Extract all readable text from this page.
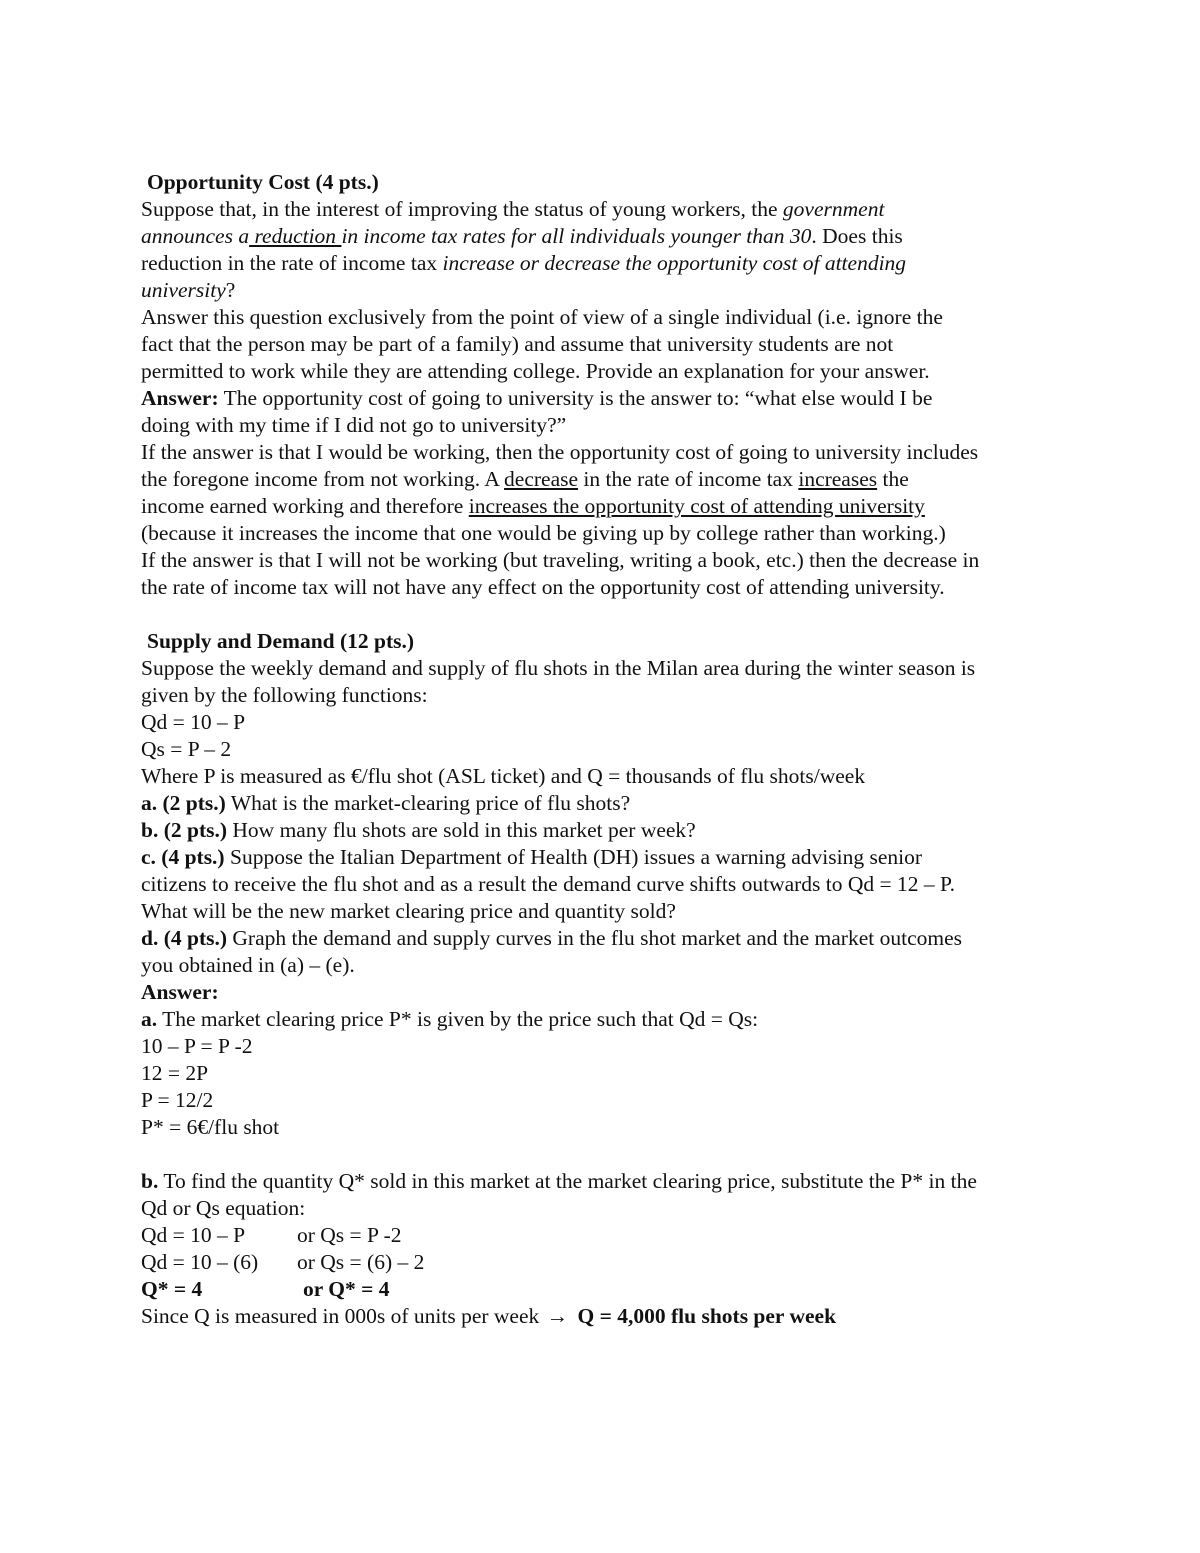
Opportunity Cost (4 pts.)
Suppose that, in the interest of improving the status of young workers, the government
announces a reduction in income tax rates for all individuals younger than 30. Does this
reduction in the rate of income tax increase or decrease the opportunity cost of attending
university?
Answer this question exclusively from the point of view of a single individual (i.e. ignore the
fact that the person may be part of a family) and assume that university students are not
permitted to work while they are attending college. Provide an explanation for your answer.
Answer: The opportunity cost of going to university is the answer to: “what else would I be
doing with my time if I did not go to university?”
If the answer is that I would be working, then the opportunity cost of going to university includes
the foregone income from not working. A decrease in the rate of income tax increases the
income earned working and therefore increases the opportunity cost of attending university
(because it increases the income that one would be giving up by college rather than working.)
If the answer is that I will not be working (but traveling, writing a book, etc.) then the decrease in
the rate of income tax will not have any effect on the opportunity cost of attending university.
Supply and Demand (12 pts.)
Suppose the weekly demand and supply of flu shots in the Milan area during the winter season is
given by the following functions:
Qd = 10 – P
Qs = P – 2
Where P is measured as €/flu shot (ASL ticket) and Q = thousands of flu shots/week
a. (2 pts.) What is the market-clearing price of flu shots?
b. (2 pts.) How many flu shots are sold in this market per week?
c. (4 pts.) Suppose the Italian Department of Health (DH) issues a warning advising senior
citizens to receive the flu shot and as a result the demand curve shifts outwards to Qd = 12 – P.
What will be the new market clearing price and quantity sold?
d. (4 pts.) Graph the demand and supply curves in the flu shot market and the market outcomes
you obtained in (a) – (e).
Answer:
a. The market clearing price P* is given by the price such that Qd = Qs:
10 – P = P -2
12 = 2P
P = 12/2
P* = 6€/flu shot
b. To find the quantity Q* sold in this market at the market clearing price, substitute the P* in the
Qd or Qs equation:
Qd = 10 – P or Qs = P -2
Qd = 10 – (6) or Qs = (6) – 2
Q* = 4	or Q* = 4
Since Q is measured in 000s of units per week → Q = 4,000 flu shots per week
